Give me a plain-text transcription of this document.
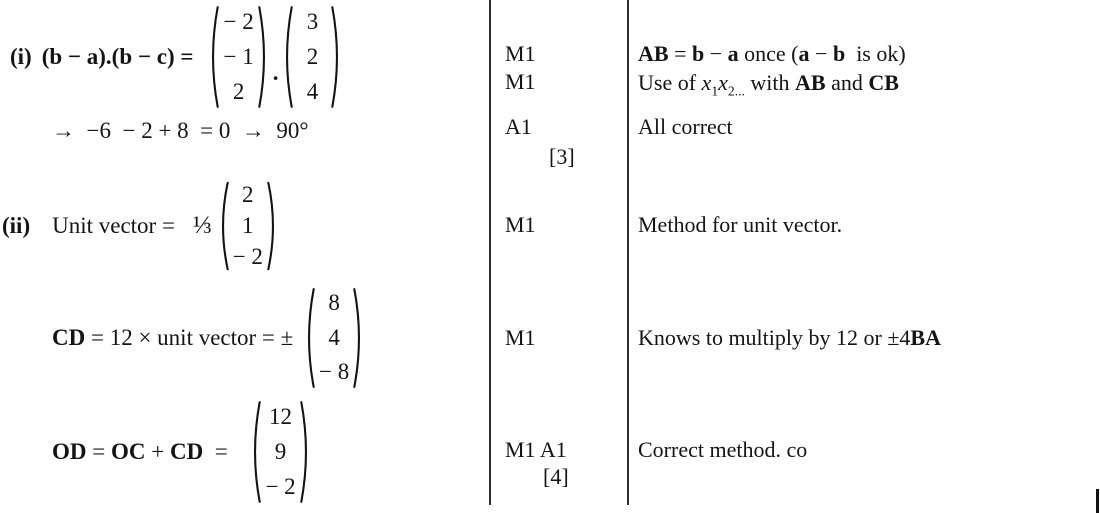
(i) (b − a).(b − c) =
− 2
− 1
2
.
3
2
4
→  −6  − 2 + 8  = 0  →  90°
(ii) Unit vector = ⅓
2
1
− 2
CD = 12 × unit vector = ±
8
4
− 8
OD = OC + CD  =
12
9
− 2
M1
M1
A1
[3]
M1
M1
M1 A1
[4]
AB = b − a once (a − b  is ok)
Use of $x_1x_{2...}$ with AB and CB
All correct
Method for unit vector.
Knows to multiply by 12 or ±4BA
Correct method. co
